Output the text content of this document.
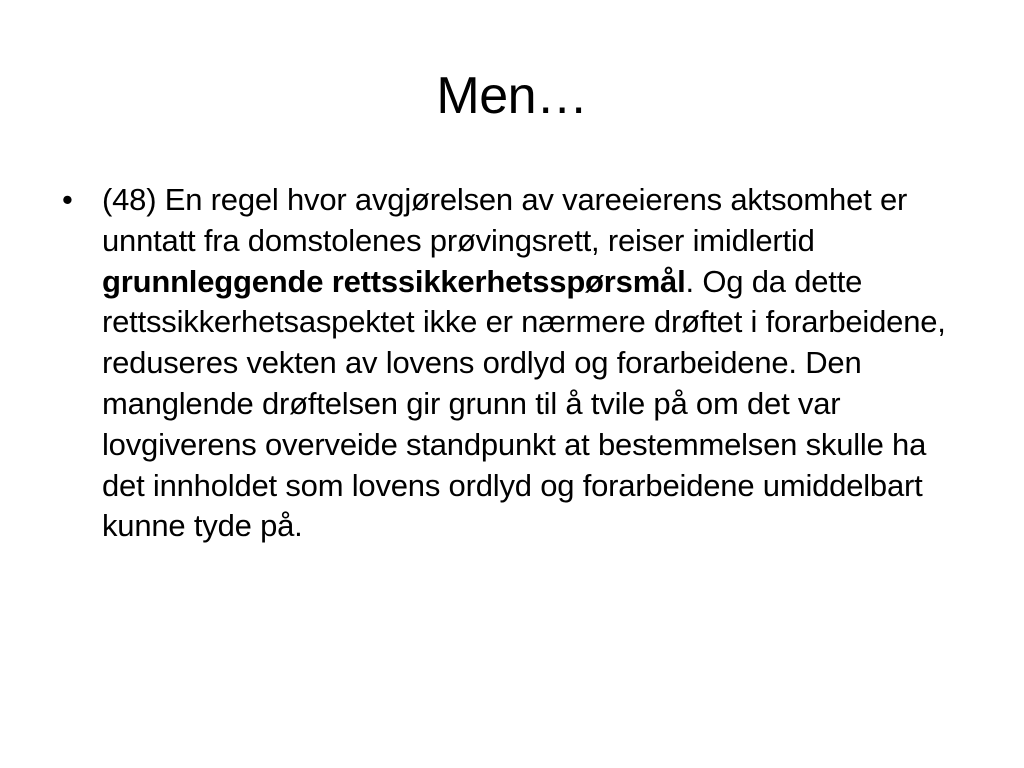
Men…
• (48) En regel hvor avgjørelsen av vareeierens aktsomhet er unntatt fra domstolenes prøvingsrett, reiser imidlertid grunnleggende rettssikkerhetsspørsmål. Og da dette rettssikkerhetsaspektet ikke er nærmere drøftet i forarbeidene, reduseres vekten av lovens ordlyd og forarbeidene. Den manglende drøftelsen gir grunn til å tvile på om det var lovgiverens overveide standpunkt at bestemmelsen skulle ha det innholdet som lovens ordlyd og forarbeidene umiddelbart kunne tyde på.
